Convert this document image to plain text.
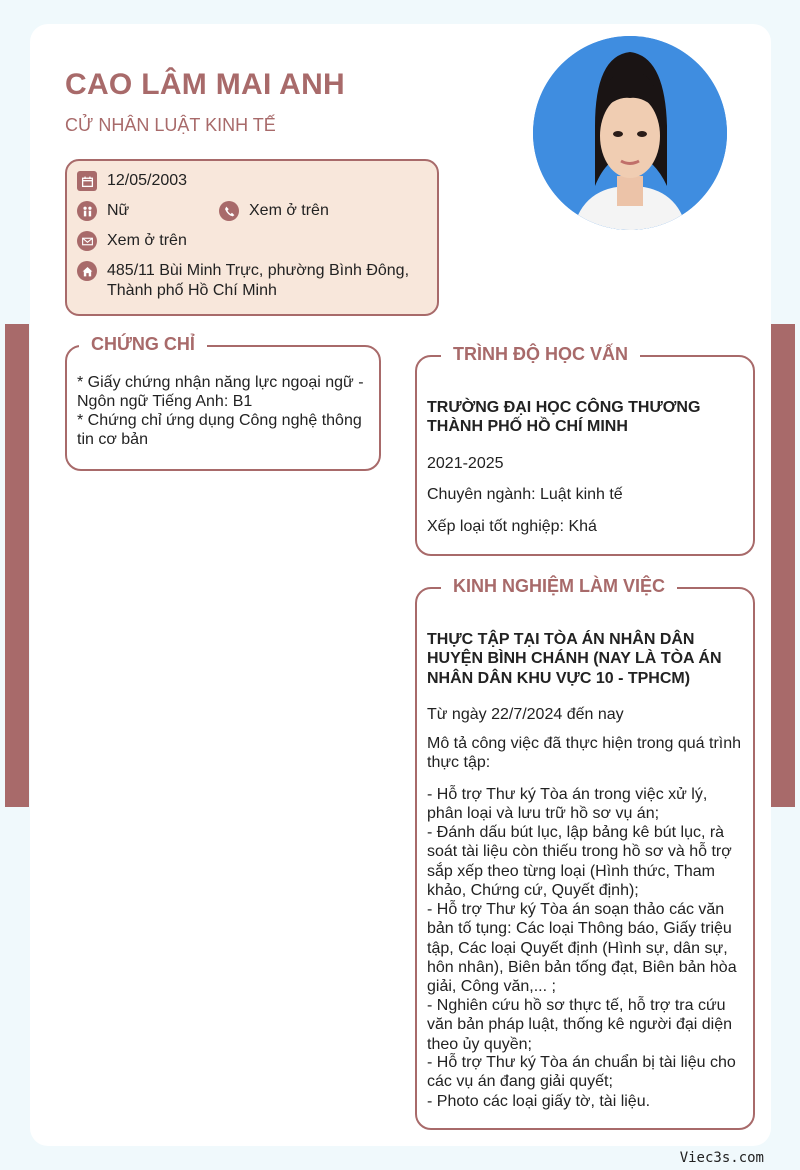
CAO LÂM MAI ANH
CỬ NHÂN LUẬT KINH TẾ
12/05/2003
Nữ	Xem ở trên
Xem ở trên
485/11 Bùi Minh Trực, phường Bình Đông, Thành phố Hồ Chí Minh
CHỨNG CHỈ
* Giấy chứng nhận năng lực ngoại ngữ - Ngôn ngữ Tiếng Anh: B1
* Chứng chỉ ứng dụng Công nghệ thông tin cơ bản
TRÌNH ĐỘ HỌC VẤN
TRƯỜNG ĐẠI HỌC CÔNG THƯƠNG THÀNH PHỐ HỒ CHÍ MINH
2021-2025
Chuyên ngành: Luật kinh tế
Xếp loại tốt nghiệp: Khá
KINH NGHIỆM LÀM VIỆC
THỰC TẬP TẠI TÒA ÁN NHÂN DÂN HUYỆN BÌNH CHÁNH (NAY LÀ TÒA ÁN NHÂN DÂN KHU VỰC 10 - TPHCM)
Từ ngày 22/7/2024 đến nay
Mô tả công việc đã thực hiện trong quá trình thực tập:
- Hỗ trợ Thư ký Tòa án trong việc xử lý, phân loại và lưu trữ hồ sơ vụ án;
- Đánh dấu bút lục, lập bảng kê bút lục, rà soát tài liệu còn thiếu trong hồ sơ và hỗ trợ sắp xếp theo từng loại (Hình thức, Tham khảo, Chứng cứ, Quyết định);
- Hỗ trợ Thư ký Tòa án soạn thảo các văn bản tố tụng: Các loại Thông báo, Giấy triệu tập, Các loại Quyết định (Hình sự, dân sự, hôn nhân), Biên bản tống đạt, Biên bản hòa giải, Công văn,... ;
- Nghiên cứu hồ sơ thực tế, hỗ trợ tra cứu văn bản pháp luật, thống kê người đại diện theo ủy quyền;
- Hỗ trợ Thư ký Tòa án chuẩn bị tài liệu cho các vụ án đang giải quyết;
- Photo các loại giấy tờ, tài liệu.
Viec3s.com
